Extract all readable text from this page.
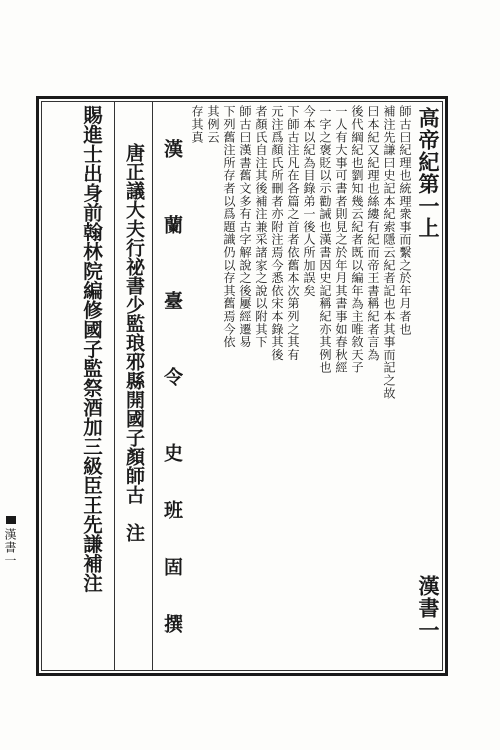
高帝紀第一上
漢書一
師古曰紀理也統理衆事而繫之於年月者也
補注先謙曰史記本紀索隱云紀者記也本其事而記之故
曰本紀又紀理也絲縷有紀而帝王書稱紀者言為
後代綱紀也劉知幾云紀者既以編年為主唯敘天子
一人有大事可書者則見之於年月其書事如春秋經
一字之褒貶以示勸誡也漢書因史記稱紀亦其例也
今本以紀為目錄弟一後人所加誤矣
下師古注凡在各篇之首者依舊本次第列之其有
元注爲顏氏所刪者亦附注焉今悉依宋本錄其後
者顏氏自注其後補注兼采諸家之說以附其下
師古曰漢書舊文多有古字解說之後屢經遷易
下列舊注所存者以爲題識仍以存其舊焉今依
其例云
存其真
漢　　　蘭　　　臺　　　令　　　史　　班　　固　　撰
唐正議大夫行祕書少監琅邪縣開國子顏師古　注
賜進士出身前翰林院編修國子監祭酒加三級臣王先謙補注
漢書一
